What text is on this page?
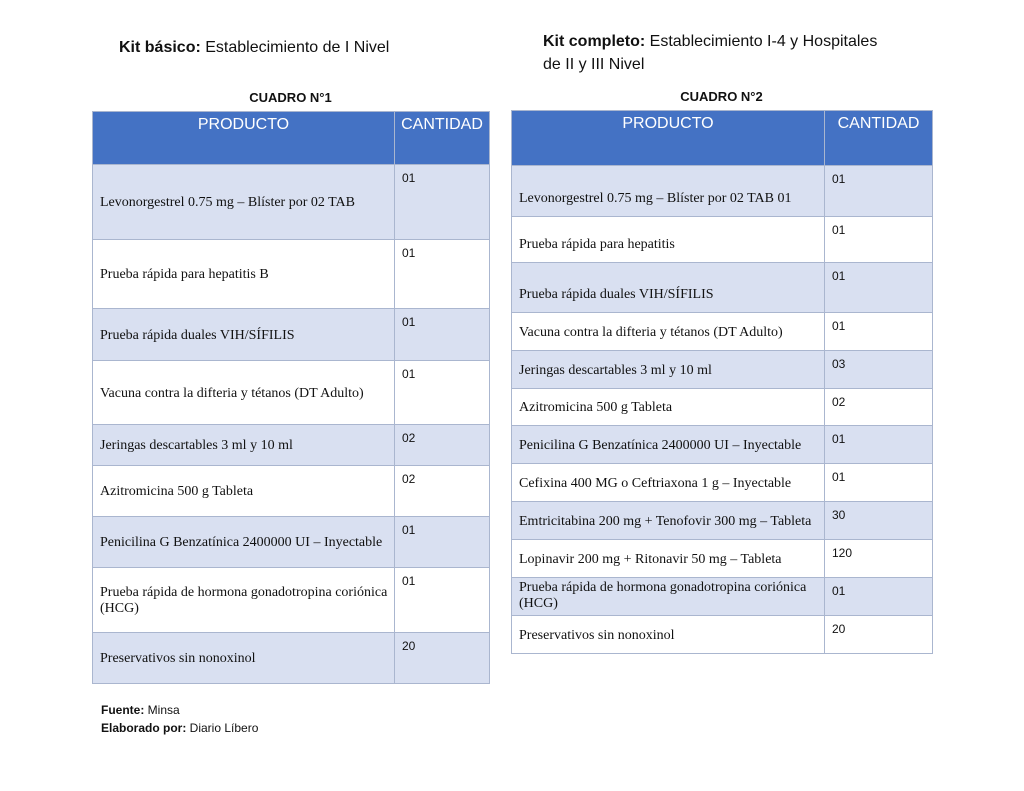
Kit básico: Establecimiento de I Nivel	Kit completo: Establecimiento I-4 y Hospitales
de II y III Nivel
CUADRO N°1	CUADRO N°2
PRODUCTO	CANTIDAD
Levonorgestrel 0.75 mg – Blíster por 02 TAB	01
Prueba rápida para hepatitis B	01
Prueba rápida duales VIH/SÍFILIS	01
Vacuna contra la difteria y tétanos (DT Adulto)	01
Jeringas descartables 3 ml y 10 ml	02
Azitromicina 500 g Tableta	02
Penicilina G Benzatínica 2400000 UI – Inyectable	01
Prueba rápida de hormona gonadotropina coriónica (HCG)	01
Preservativos sin nonoxinol	20
PRODUCTO	CANTIDAD
Levonorgestrel 0.75 mg – Blíster por 02 TAB 01	01
Prueba rápida para hepatitis	01
Prueba rápida duales VIH/SÍFILIS	01
Vacuna contra la difteria y tétanos (DT Adulto)	01
Jeringas descartables 3 ml y 10 ml	03
Azitromicina 500 g Tableta	02
Penicilina G Benzatínica 2400000 UI – Inyectable	01
Cefixina 400 MG o Ceftriaxona 1 g – Inyectable	01
Emtricitabina 200 mg + Tenofovir 300 mg – Tableta	30
Lopinavir 200 mg + Ritonavir 50 mg – Tableta	120
Prueba rápida de hormona gonadotropina coriónica (HCG)	01
Preservativos sin nonoxinol	20
Fuente: Minsa
Elaborado por: Diario Líbero
